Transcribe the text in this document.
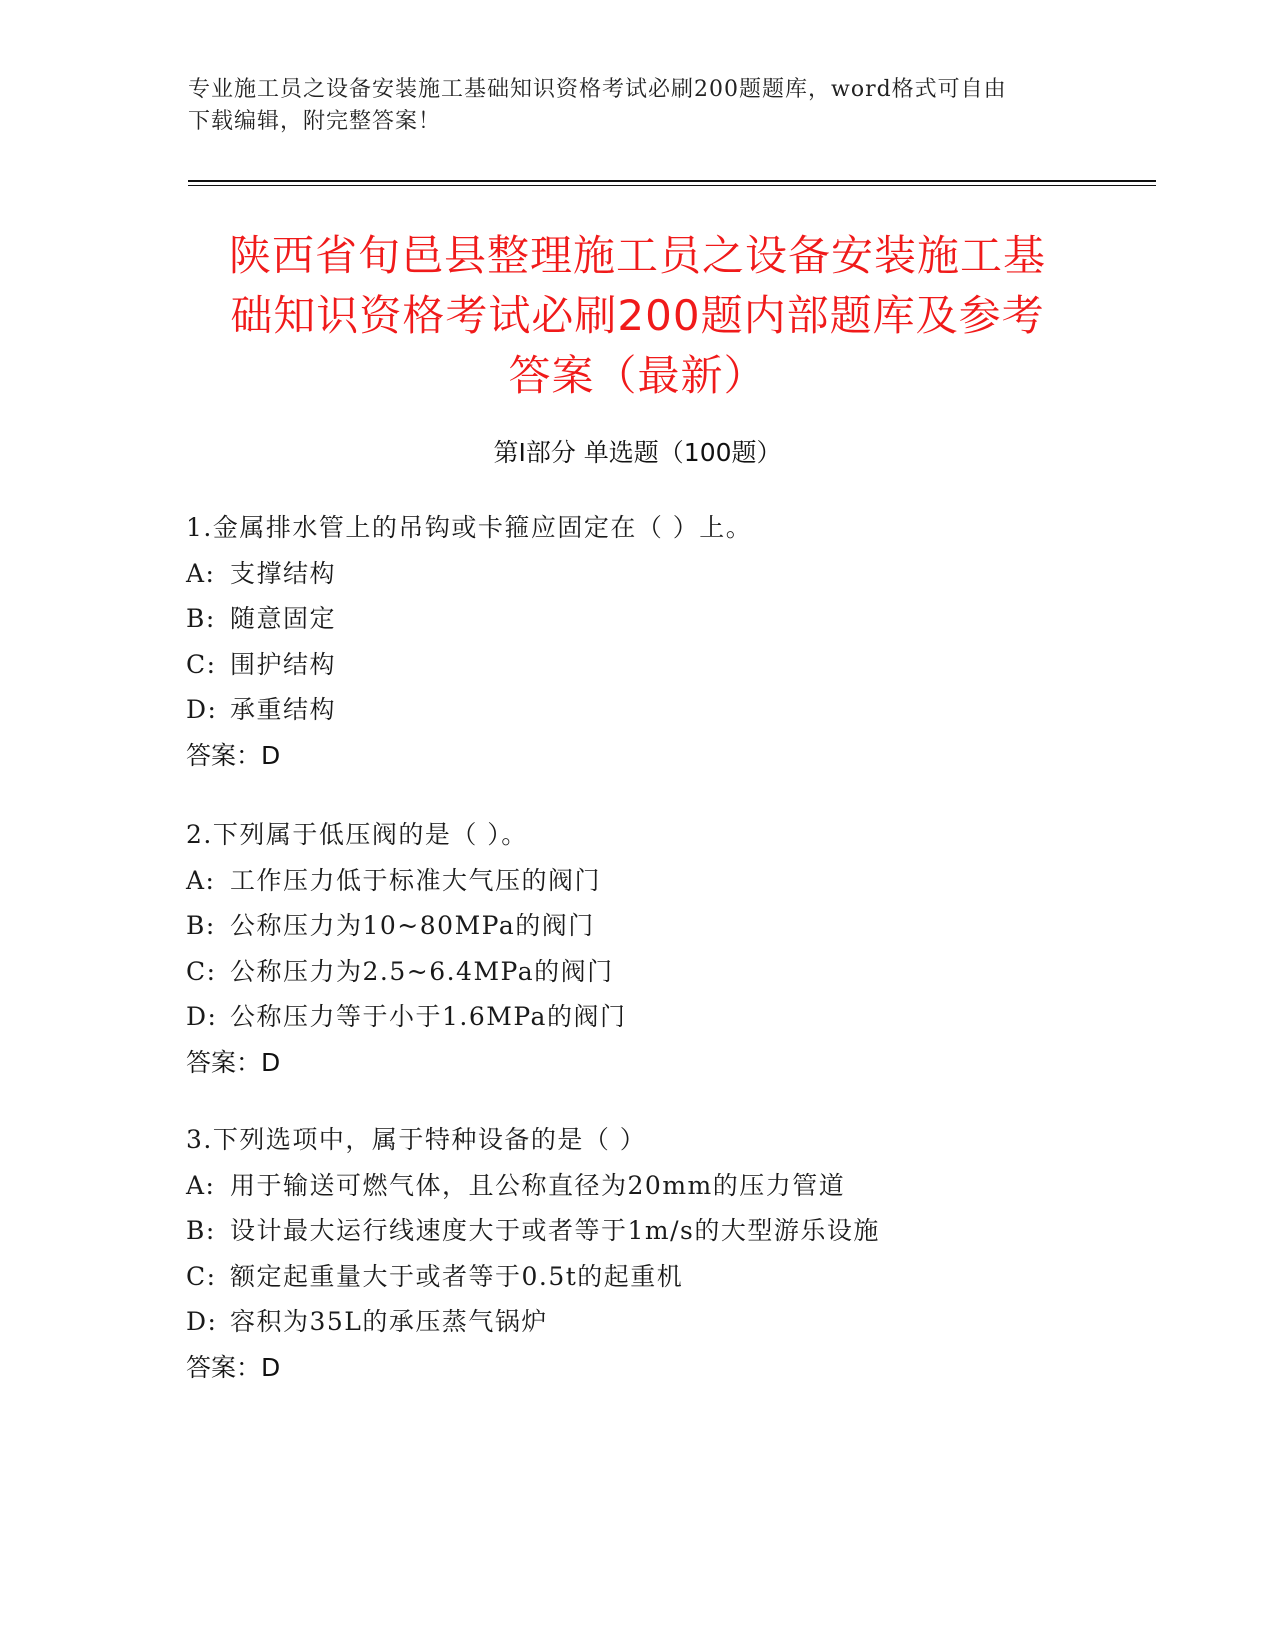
专业施工员之设备安装施工基础知识资格考试必刷200题题库，word格式可自由
下载编辑，附完整答案！
陕西省旬邑县整理施工员之设备安装施工基
础知识资格考试必刷200题内部题库及参考
答案（最新）
第I部分 单选题（100题）
1.金属排水管上的吊钩或卡箍应固定在（ ）上。
A: 支撑结构
B: 随意固定
C: 围护结构
D: 承重结构
答案：D
2.下列属于低压阀的是（ ）。
A: 工作压力低于标准大气压的阀门
B: 公称压力为10~80MPa的阀门
C: 公称压力为2.5~6.4MPa的阀门
D: 公称压力等于小于1.6MPa的阀门
答案：D
3.下列选项中，属于特种设备的是（ ）
A: 用于输送可燃气体，且公称直径为20mm的压力管道
B: 设计最大运行线速度大于或者等于1m/s的大型游乐设施
C: 额定起重量大于或者等于0.5t的起重机
D: 容积为35L的承压蒸气锅炉
答案：D
